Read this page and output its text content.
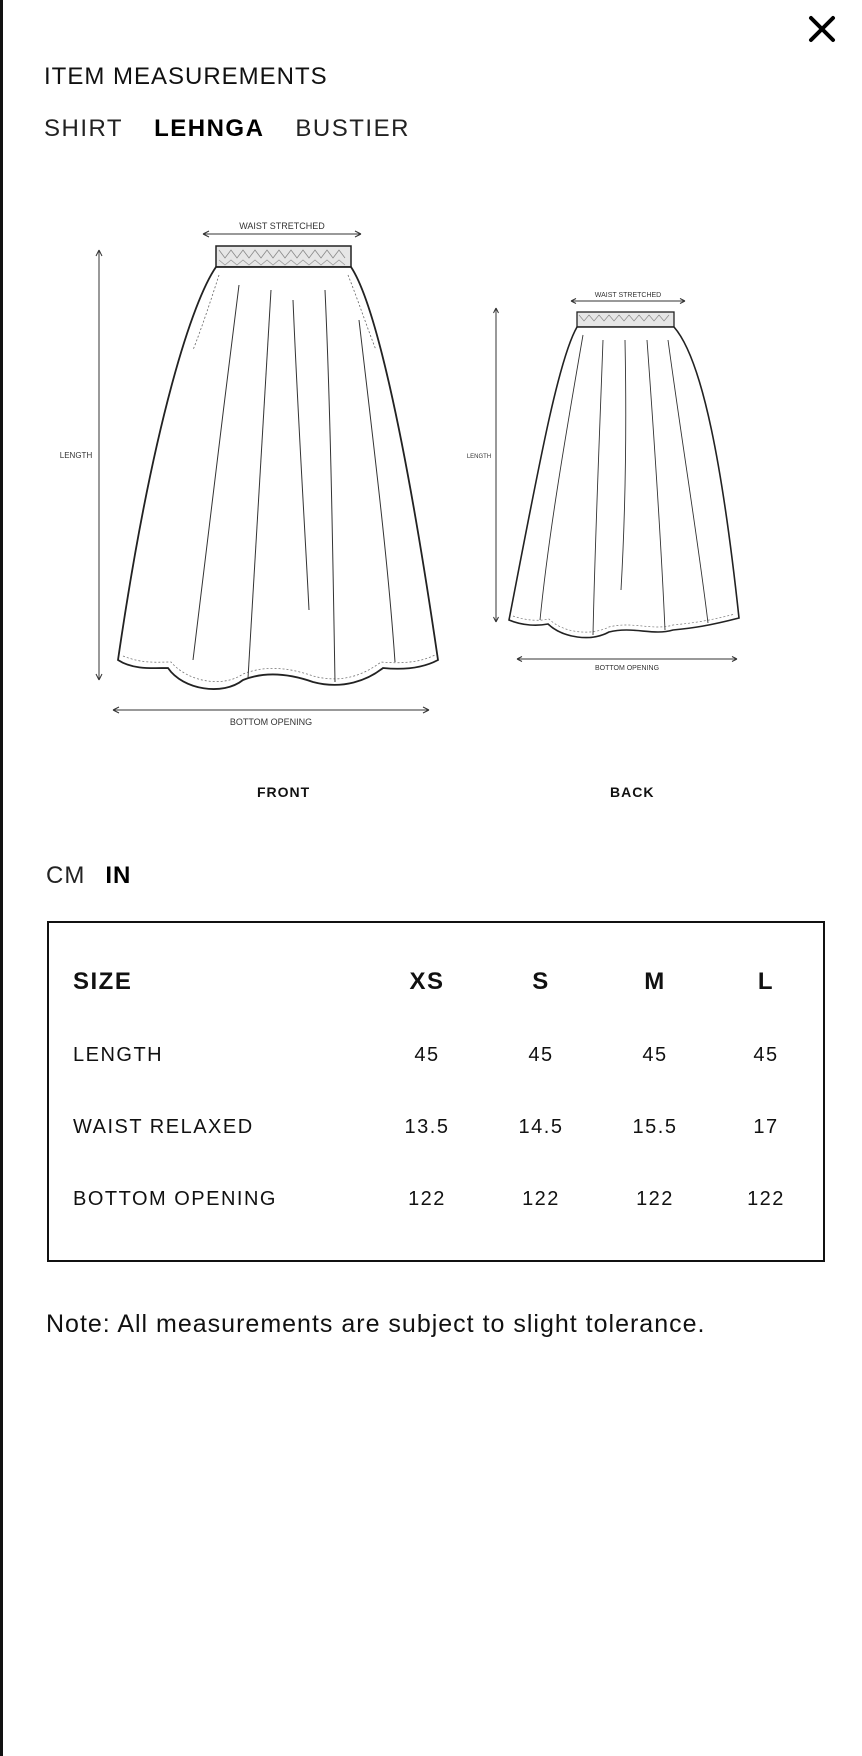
ITEM MEASUREMENTS
SHIRT LEHNGA BUSTIER
WAIST STRETCHED
LENGTH
BOTTOM OPENING
WAIST STRETCHED
LENGTH
BOTTOM OPENING
FRONT	BACK
CM IN
SIZE	XS	S	M	L
LENGTH	45	45	45	45
WAIST RELAXED	13.5	14.5	15.5	17
BOTTOM OPENING	122	122	122	122
Note: All measurements are subject to slight tolerance.
